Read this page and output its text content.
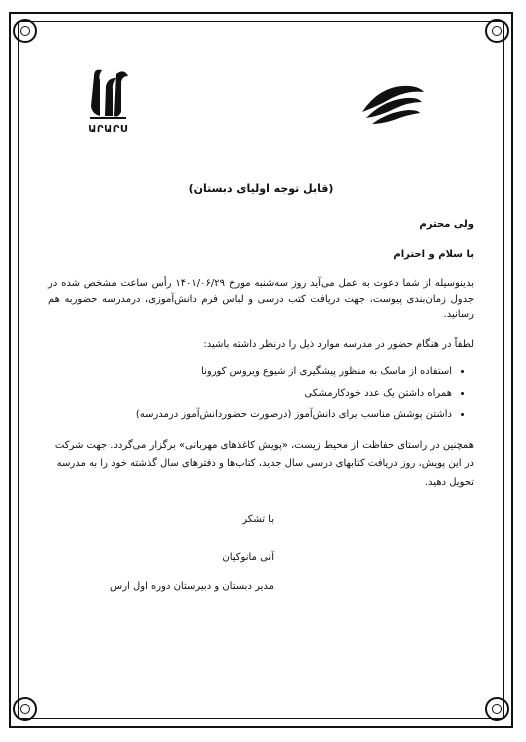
ԱՐԱՐՍ
(قابل توجه اولیای دبستان)
ولی محترم
با سلام و احترام

بدینوسیله از شما دعوت به عمل می‌آید روز سه‌شنبه مورخ ۱۴۰۱/۰۶/۲۹ رأس ساعت مشخص شده در جدول زمان‌بندی پیوست، جهت دریافت کتب درسی و لباس فرم دانش‌آموزی، درمدرسه حضوربه هم رسانید.

لطفاً در هنگام حضور در مدرسه موارد ذیل را درنظر داشته باشید:

• استفاده از ماسک به منظور پیشگیری از شیوع ویروس کورونا
• همراه داشتن یک عدد خودکارمشکی
• داشتن پوشش مناسب برای دانش‌آموز (درصورت حضوردانش‌آموز درمدرسه)

همچنین در راستای حفاظت از محیط زیست، «پویش کاغذهای مهربانی» برگزار می‌گردد. جهت شرکت در این پویش، روز دریافت کتابهای درسی سال جدید، کتاب‌ها و دفترهای سال گذشته خود را به مدرسه تحویل دهید.

با تشکر
آنی مانوکیان
مدیر دبستان و دبیرستان دوره اول ارس
